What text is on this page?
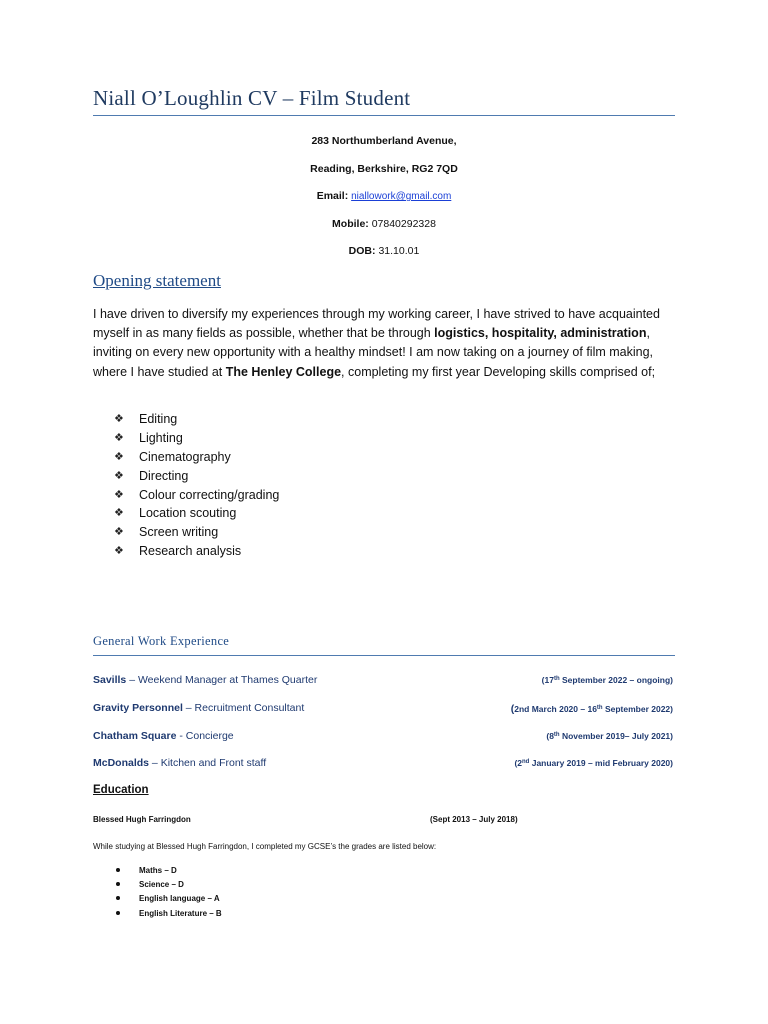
Niall O’Loughlin CV – Film Student
283 Northumberland Avenue,
Reading, Berkshire, RG2 7QD
Email: niallowork@gmail.com
Mobile: 07840292328
DOB: 31.10.01
Opening statement

I have driven to diversify my experiences through my working career, I have strived to have acquainted myself in as many fields as possible, whether that be through logistics, hospitality, administration, inviting on every new opportunity with a healthy mindset! I am now taking on a journey of film making, where I have studied at The Henley College, completing my first year Developing skills comprised of;

❖ Editing
❖ Lighting
❖ Cinematography
❖ Directing
❖ Colour correcting/grading
❖ Location scouting
❖ Screen writing
❖ Research analysis
General Work Experience
Savills – Weekend Manager at Thames Quarter	(17th September 2022 – ongoing)
Gravity Personnel – Recruitment Consultant	(2nd March 2020 – 16th September 2022)
Chatham Square - Concierge	(8th November 2019– July 2021)
McDonalds – Kitchen and Front staff	(2nd January 2019 – mid February 2020)
Education
Blessed Hugh Farringdon	(Sept 2013 – July 2018)
While studying at Blessed Hugh Farringdon, I completed my GCSE’s the grades are listed below:
Maths – D
Science – D
English language – A
English Literature – B
